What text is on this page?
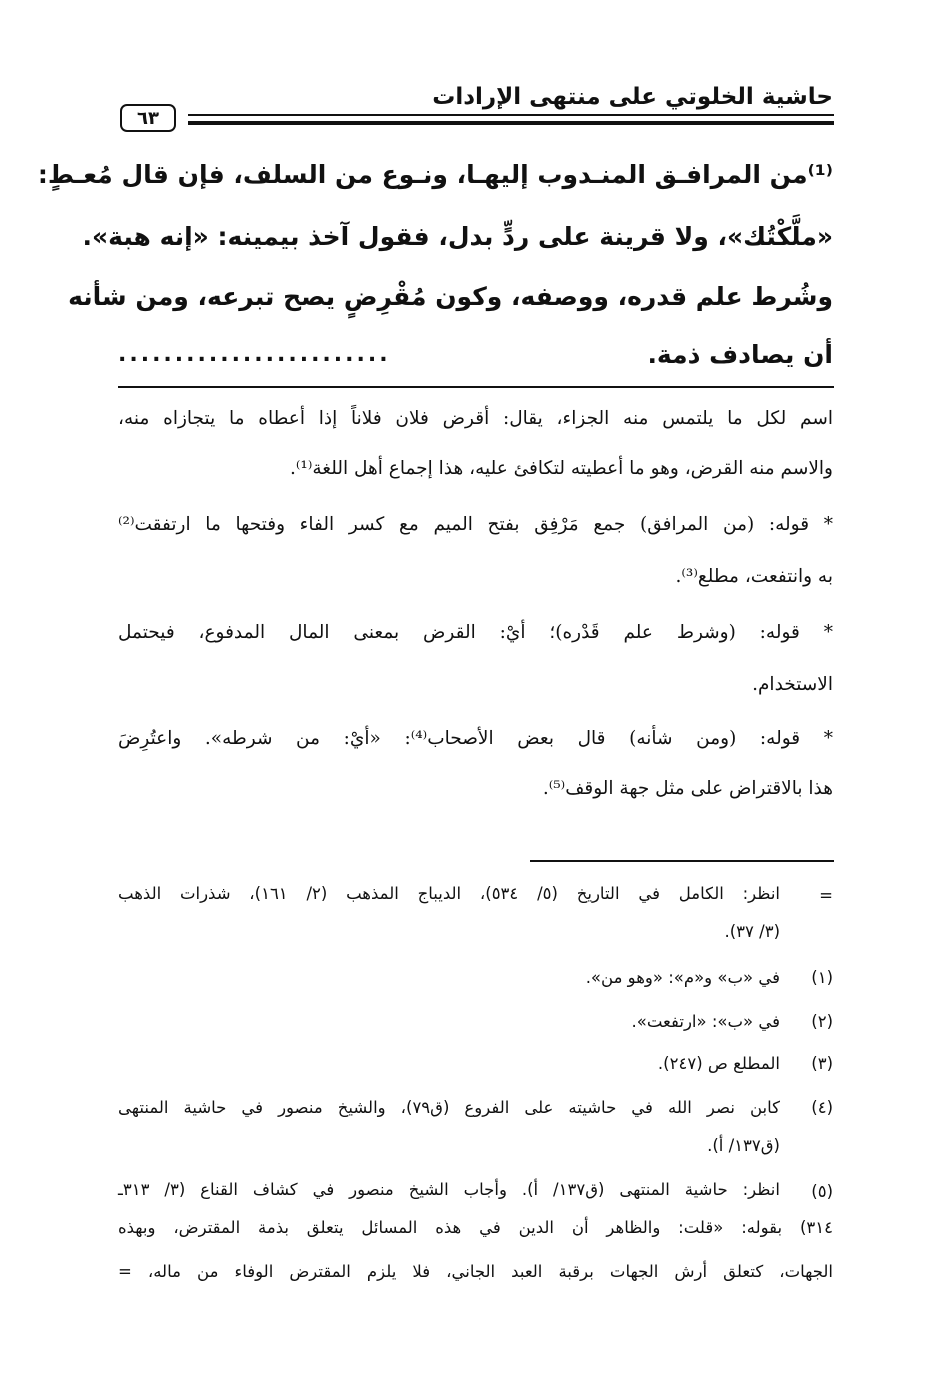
حاشية الخلوتي على منتهى الإرادات
٦٣
⁽¹⁾من المرافـق المنـدوب إليهـا، ونـوع من السلف، فإن قال مُعـطٍ:
«ملَّكْتُك»، ولا قرينة على ردٍّ بدل، فقول آخذ بيمينه: «إنه هبة».
وشُرط علم قدره، ووصفه، وكون مُقْرِضٍ يصح تبرعه، ومن شأنه
أن يصادف ذمة.
........................
اسم لكل ما يلتمس منه الجزاء، يقال: أقرض فلان فلاناً إذا أعطاه ما يتجازاه منه،
والاسم منه القرض، وهو ما أعطيته لتكافئ عليه، هذا إجماع أهل اللغة⁽¹⁾.
* قوله: (من المرافق) جمع مَرْفِق بفتح الميم مع كسر الفاء وفتحها ما ارتفقت⁽²⁾
به وانتفعت، مطلع⁽³⁾.
* قوله: (وشرط علم قَدْره)؛ أيْ: القرض بمعنى المال المدفوع، فيحتمل
الاستخدام.
* قوله: (ومن شأنه) قال بعض الأصحاب⁽⁴⁾: «أيْ: من شرطه». واعتُرِضَ
هذا بالاقتراض على مثل جهة الوقف⁽⁵⁾.
=
انظر: الكامل في التاريخ (٥/ ٥٣٤)، الديباج المذهب (٢/ ١٦١)، شذرات الذهب
(٣/ ٣٧).
(١)
في «ب» و«م»: «وهو من».
(٢)
في «ب»: «ارتفعت».
(٣)
المطلع ص (٢٤٧).
(٤)
كابن نصر الله في حاشيته على الفروع (ق٧٩)، والشيخ منصور في حاشية المنتهى
(ق١٣٧/ أ).
(٥)
انظر: حاشية المنتهى (ق١٣٧/ أ). وأجاب الشيخ منصور في كشاف القناع (٣/ ٣١٣ـ
٣١٤) بقوله: «قلت: والظاهر أن الدين في هذه المسائل يتعلق بذمة المقترض، وبهذه
الجهات، كتعلق أرش الجهات برقبة العبد الجاني، فلا يلزم المقترض الوفاء من ماله، =
